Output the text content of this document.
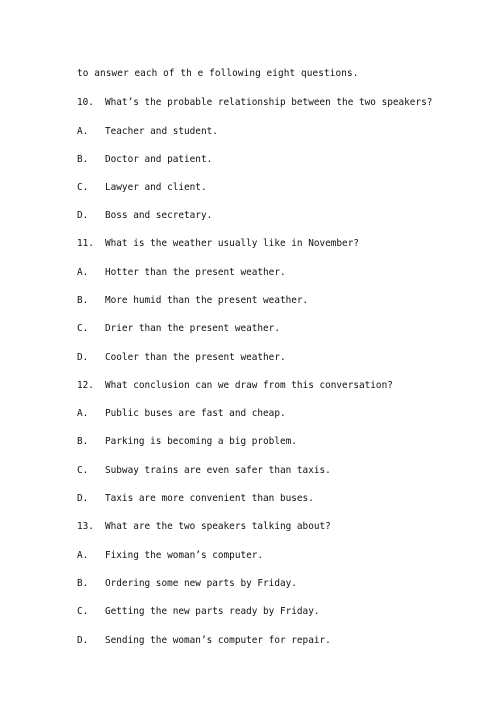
to answer each of th e following eight questions.
10.	What’s the probable relationship between the two speakers?
A.	Teacher and student.
B.	Doctor and patient.
C.	Lawyer and client.
D.	Boss and secretary.
11.	What is the weather usually like in November?
A.	Hotter than the present weather.
B.	More humid than the present weather.
C.	Drier than the present weather.
D.	Cooler than the present weather.
12.	What conclusion can we draw from this conversation?
A.	Public buses are fast and cheap.
B.	Parking is becoming a big problem.
C.	Subway trains are even safer than taxis.
D.	Taxis are more convenient than buses.
13.	What are the two speakers talking about?
A.	Fixing the woman’s computer.
B.	Ordering some new parts by Friday.
C.	Getting the new parts ready by Friday.
D.	Sending the woman’s computer for repair.
